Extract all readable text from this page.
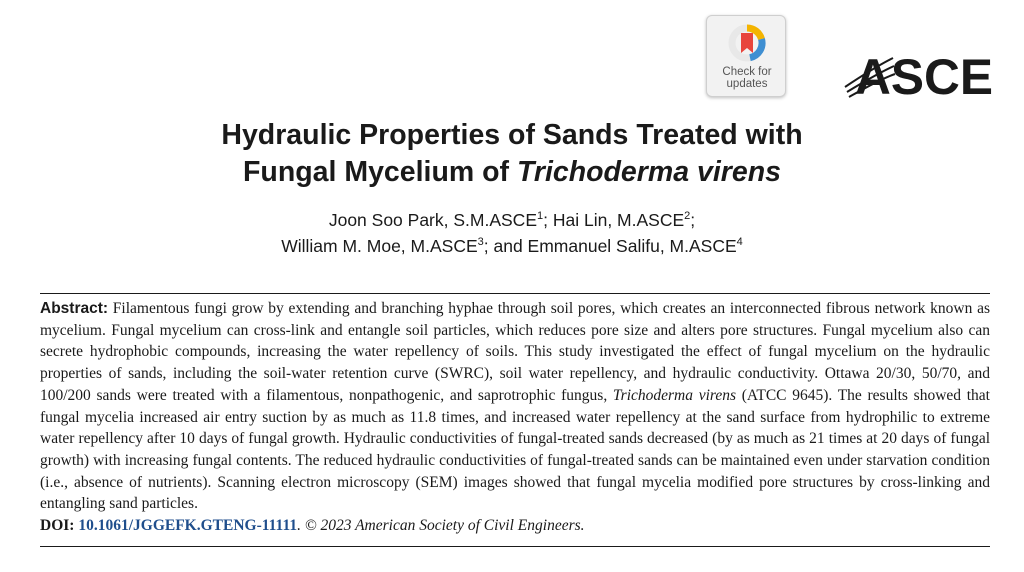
Check for
updates	ASCE
Hydraulic Properties of Sands Treated with
Fungal Mycelium of Trichoderma virens
Joon Soo Park, S.M.ASCE$^1$; Hai Lin, M.ASCE$^2$;
William M. Moe, M.ASCE$^3$; and Emmanuel Salifu, M.ASCE$^4$

Abstract: Filamentous fungi grow by extending and branching hyphae through soil pores, which creates an interconnected fibrous network known as mycelium. Fungal mycelium can cross-link and entangle soil particles, which reduces pore size and alters pore structures. Fungal mycelium also can secrete hydrophobic compounds, increasing the water repellency of soils. This study investigated the effect of fungal mycelium on the hydraulic properties of sands, including the soil-water retention curve (SWRC), soil water repellency, and hydraulic conductivity. Ottawa 20/30, 50/70, and 100/200 sands were treated with a filamentous, nonpathogenic, and saprotrophic fungus, Trichoderma virens (ATCC 9645). The results showed that fungal mycelia increased air entry suction by as much as 11.8 times, and increased water repellency at the sand surface from hydrophilic to extreme water repellency after 10 days of fungal growth. Hydraulic conductivities of fungal-treated sands decreased (by as much as 21 times at 20 days of fungal growth) with increasing fungal contents. The reduced hydraulic conductivities of fungal-treated sands can be maintained even under starvation condition (i.e., absence of nutrients). Scanning electron microscopy (SEM) images showed that fungal mycelia modified pore structures by cross-linking and entangling sand particles.
DOI: 10.1061/JGGEFK.GTENG-11111. © 2023 American Society of Civil Engineers.
